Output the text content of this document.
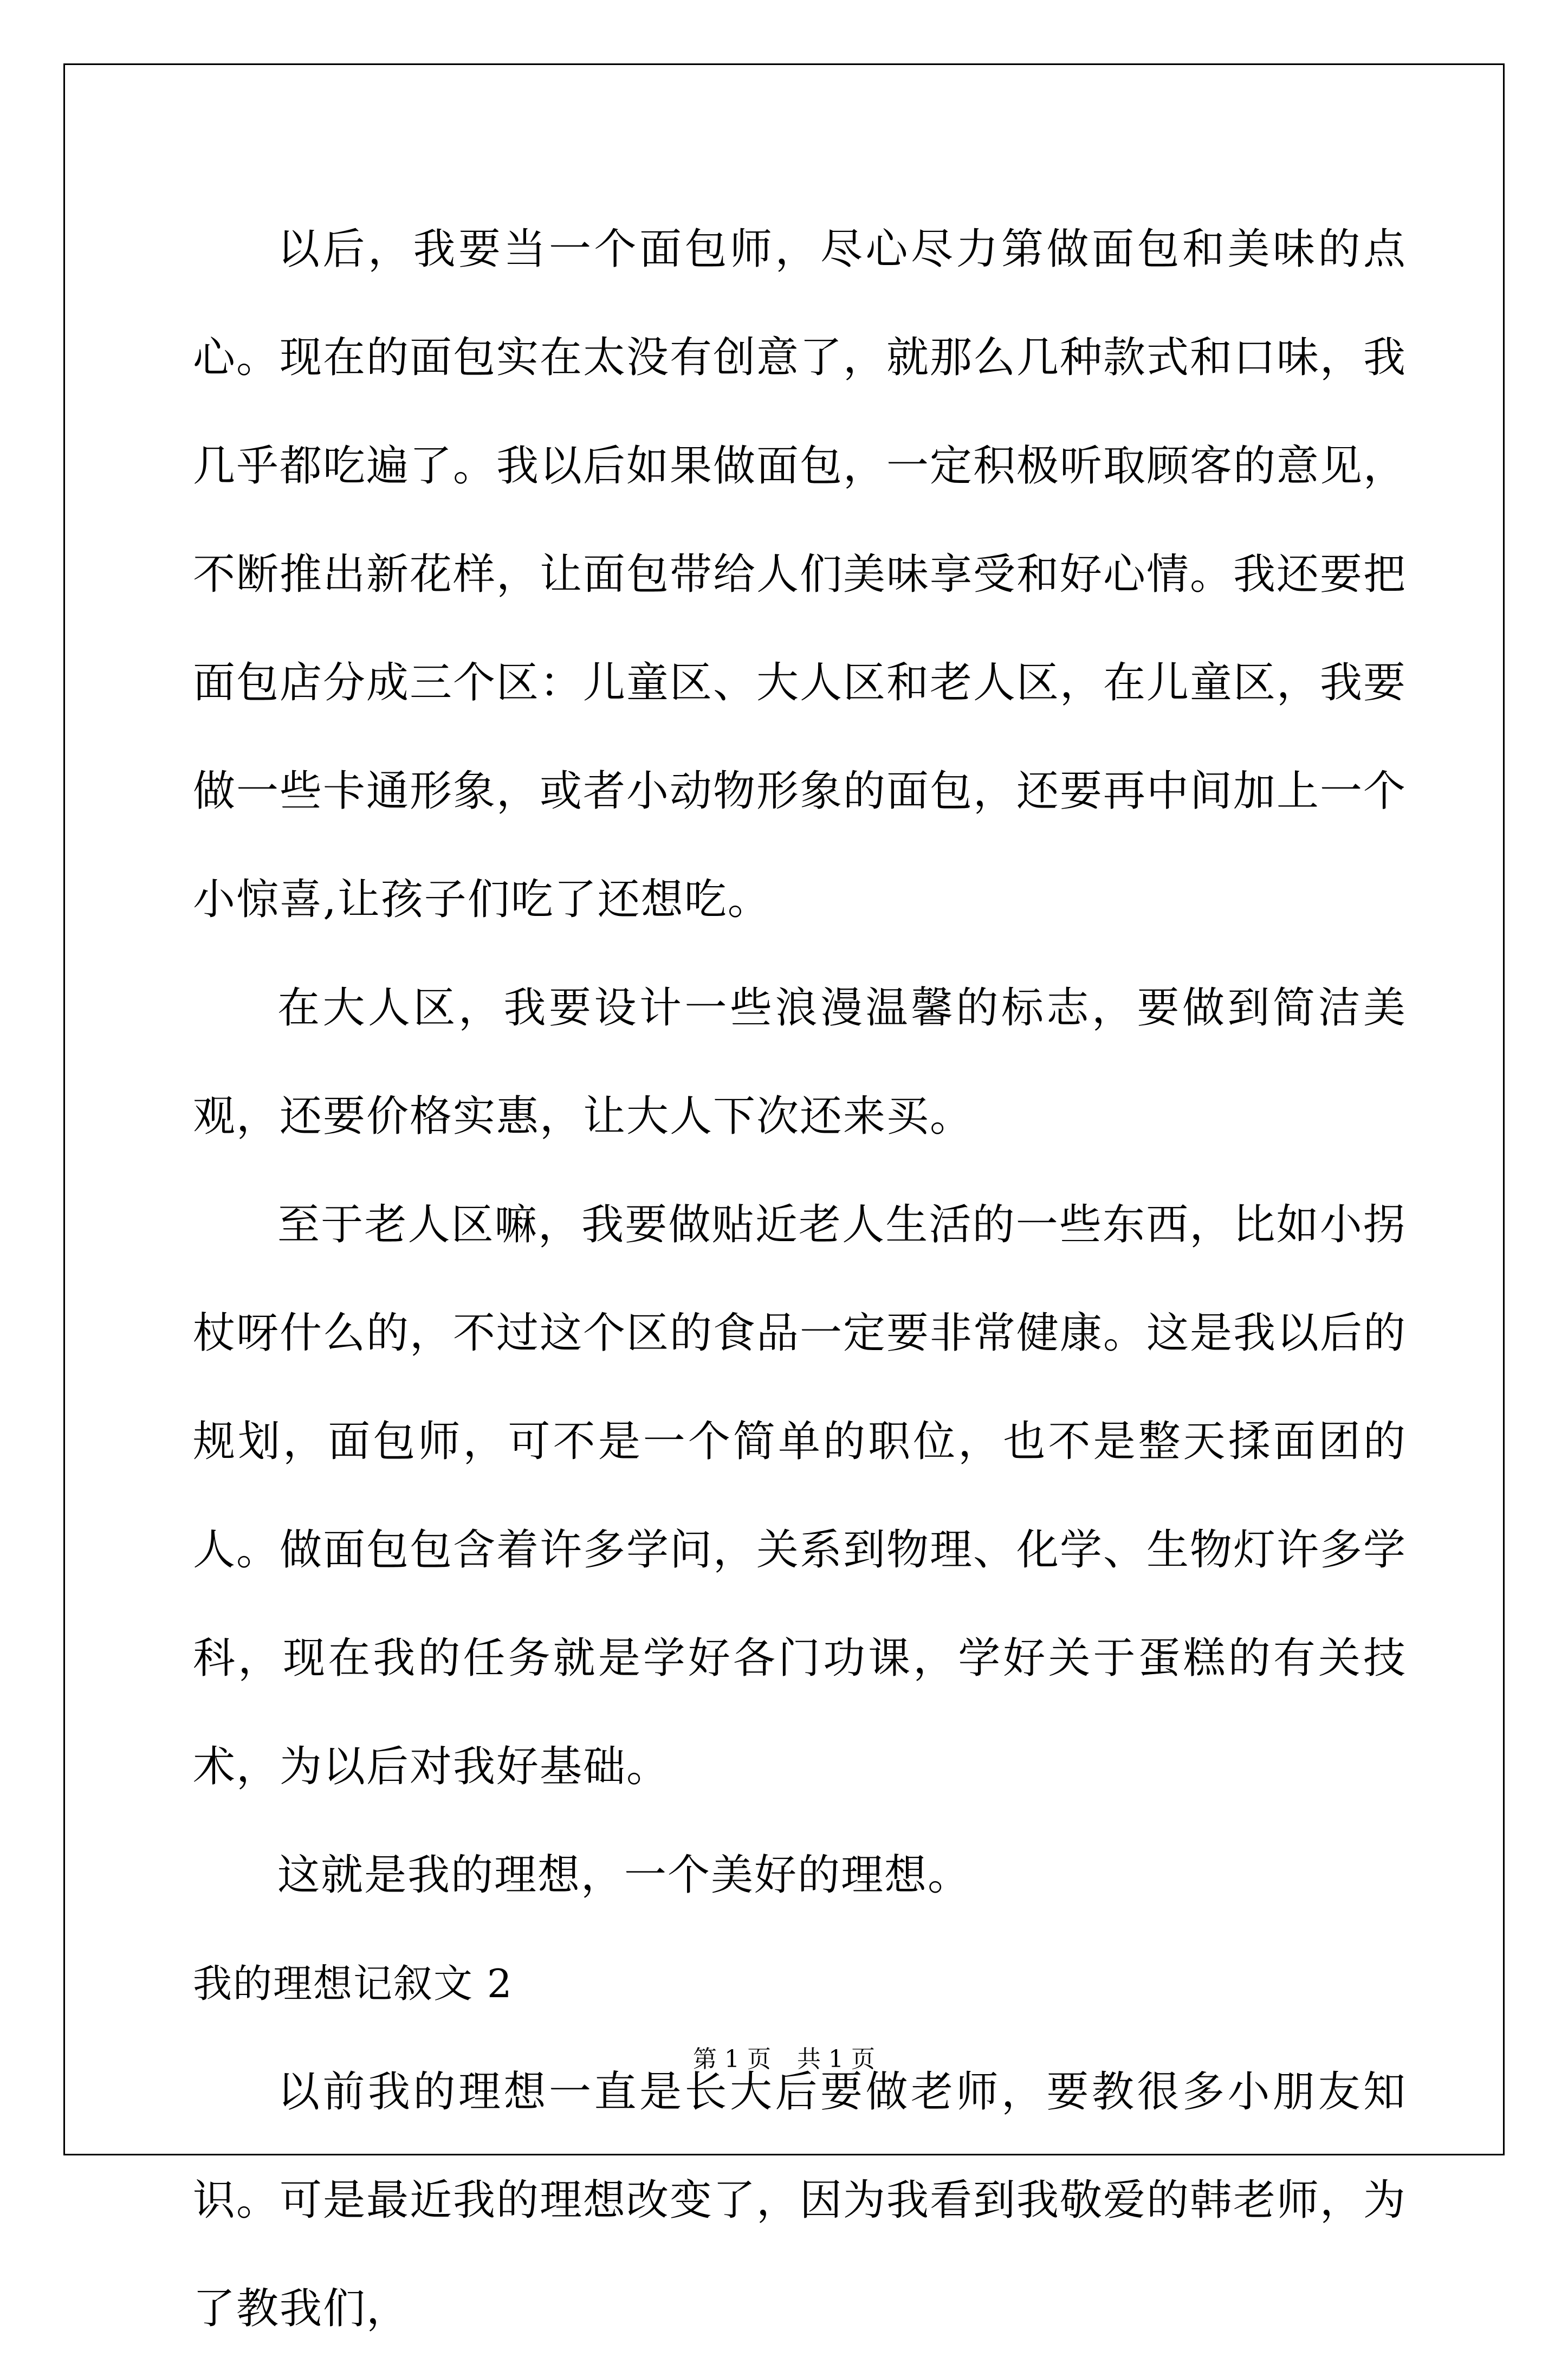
以后，我要当一个面包师，尽心尽力第做面包和美味的点心。现在的面包实在太没有创意了，就那么几种款式和口味，我几乎都吃遍了。我以后如果做面包，一定积极听取顾客的意见，不断推出新花样，让面包带给人们美味享受和好心情。我还要把面包店分成三个区：儿童区、大人区和老人区，在儿童区，我要做一些卡通形象，或者小动物形象的面包，还要再中间加上一个小惊喜,让孩子们吃了还想吃。

在大人区，我要设计一些浪漫温馨的标志，要做到简洁美观，还要价格实惠，让大人下次还来买。

至于老人区嘛，我要做贴近老人生活的一些东西，比如小拐杖呀什么的，不过这个区的食品一定要非常健康。这是我以后的规划，面包师，可不是一个简单的职位，也不是整天揉面团的人。做面包包含着许多学问，关系到物理、化学、生物灯许多学科，现在我的任务就是学好各门功课，学好关于蛋糕的有关技术，为以后对我好基础。

这就是我的理想，一个美好的理想。

我的理想记叙文 2

以前我的理想一直是长大后要做老师，要教很多小朋友知识。可是最近我的理想改变了，因为我看到我敬爱的韩老师，为了教我们，

第 1 页 共 1 页
